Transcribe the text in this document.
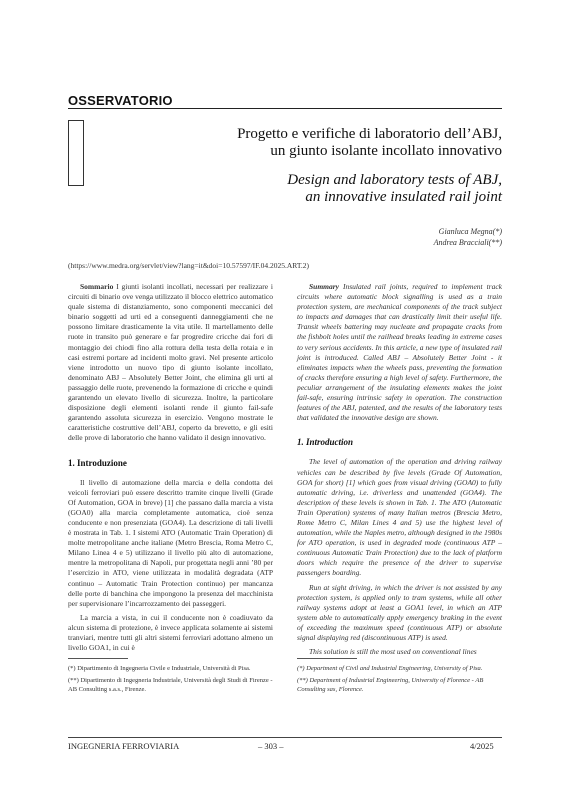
OSSERVATORIO
Progetto e verifiche di laboratorio dell’ABJ,
un giunto isolante incollato innovativo
Design and laboratory tests of ABJ,
an innovative insulated rail joint
Gianluca Megna(*)
Andrea Bracciali(**)
(https://www.medra.org/servlet/view?lang=it&doi=10.57597/IF.04.2025.ART.2)

Sommario I giunti isolanti incollati, necessari per realizzare i circuiti di binario ove venga utilizzato il blocco elettrico automatico quale sistema di distanziamento, sono componenti meccanici del binario soggetti ad urti ed a conseguenti danneggiamenti che ne possono limitare drasticamente la vita utile. Il martellamento delle ruote in transito può generare e far progredire cricche dai fori di montaggio dei chiodi fino alla rottura della testa della rotaia e in casi estremi portare ad incidenti molto gravi. Nel presente articolo viene introdotto un nuovo tipo di giunto isolante incollato, denominato ABJ – Absolutely Better Joint, che elimina gli urti al passaggio delle ruote, prevenendo la formazione di cricche e quindi garantendo un elevato livello di sicurezza. Inoltre, la particolare disposizione degli elementi isolanti rende il giunto fail-safe garantendo assoluta sicurezza in esercizio. Vengono mostrate le caratteristiche costruttive dell’ABJ, coperto da brevetto, e gli esiti delle prove di laboratorio che hanno validato il design innovativo.

1. Introduzione

Il livello di automazione della marcia e della condotta dei veicoli ferroviari può essere descritto tramite cinque livelli (Grade Of Automation, GOA in breve) [1] che passano dalla marcia a vista (GOA0) alla marcia completamente automatica, cioè senza conducente e non presenziata (GOA4). La descrizione di tali livelli è mostrata in Tab. 1. I sistemi ATO (Automatic Train Operation) di molte metropolitane anche italiane (Metro Brescia, Roma Metro C, Milano Linea 4 e 5) utilizzano il livello più alto di automazione, mentre la metropolitana di Napoli, pur progettata negli anni ’80 per l’esercizio in ATO, viene utilizzata in modalità degradata (ATP continuo – Automatic Train Protection continuo) per mancanza delle porte di banchina che impongono la presenza del macchinista per supervisionare l’incarrozzamento dei passeggeri.

La marcia a vista, in cui il conducente non è coadiuvato da alcun sistema di protezione, è invece applicata solamente ai sistemi tranviari, mentre tutti gli altri sistemi ferroviari adottano almeno un livello GOA1, in cui è

Summary Insulated rail joints, required to implement track circuits where automatic block signalling is used as a train protection system, are mechanical components of the track subject to impacts and damages that can drastically limit their useful life. Transit wheels battering may nucleate and propagate cracks from the fishbolt holes until the railhead breaks leading in extreme cases to very serious accidents. In this article, a new type of insulated rail joint is introduced. Called ABJ – Absolutely Better Joint - it eliminates impacts when the wheels pass, preventing the formation of cracks therefore ensuring a high level of safety. Furthermore, the peculiar arrangement of the insulating elements makes the joint fail-safe, ensuring intrinsic safety in operation. The construction features of the ABJ, patented, and the results of the laboratory tests that validated the innovative design are shown.

1. Introduction

The level of automation of the operation and driving railway vehicles can be described by five levels (Grade Of Automation, GOA for short) [1] which goes from visual driving (GOA0) to fully automatic driving, i.e. driverless and unattended (GOA4). The description of these levels is shown in Tab. 1. The ATO (Automatic Train Operation) systems of many Italian metros (Brescia Metro, Rome Metro C, Milan Lines 4 and 5) use the highest level of automation, while the Naples metro, although designed in the 1980s for ATO operation, is used in degraded mode (continuous ATP – continuous Automatic Train Protection) due to the lack of platform doors which require the presence of the driver to supervise passengers boarding.

Run at sight driving, in which the driver is not assisted by any protection system, is applied only to tram systems, while all other railway systems adopt at least a GOA1 level, in which an ATP system able to automatically apply emergency braking in the event of exceeding the maximum speed (continuous ATP) or absolute signal displaying red (discontinuous ATP) is used.

This solution is still the most used on conventional lines

(*) Dipartimento di Ingegneria Civile e Industriale, Università di Pisa.

(**) Dipartimento di Ingegneria Industriale, Università degli Studi di Firenze - AB Consulting s.a.s., Firenze.

(*) Department of Civil and Industrial Engineering, University of Pisa.

(**) Department of Industrial Engineering, University of Florence - AB Consulting sas, Florence.

INGEGNERIA FERROVIARIA	– 303 –	4/2025
